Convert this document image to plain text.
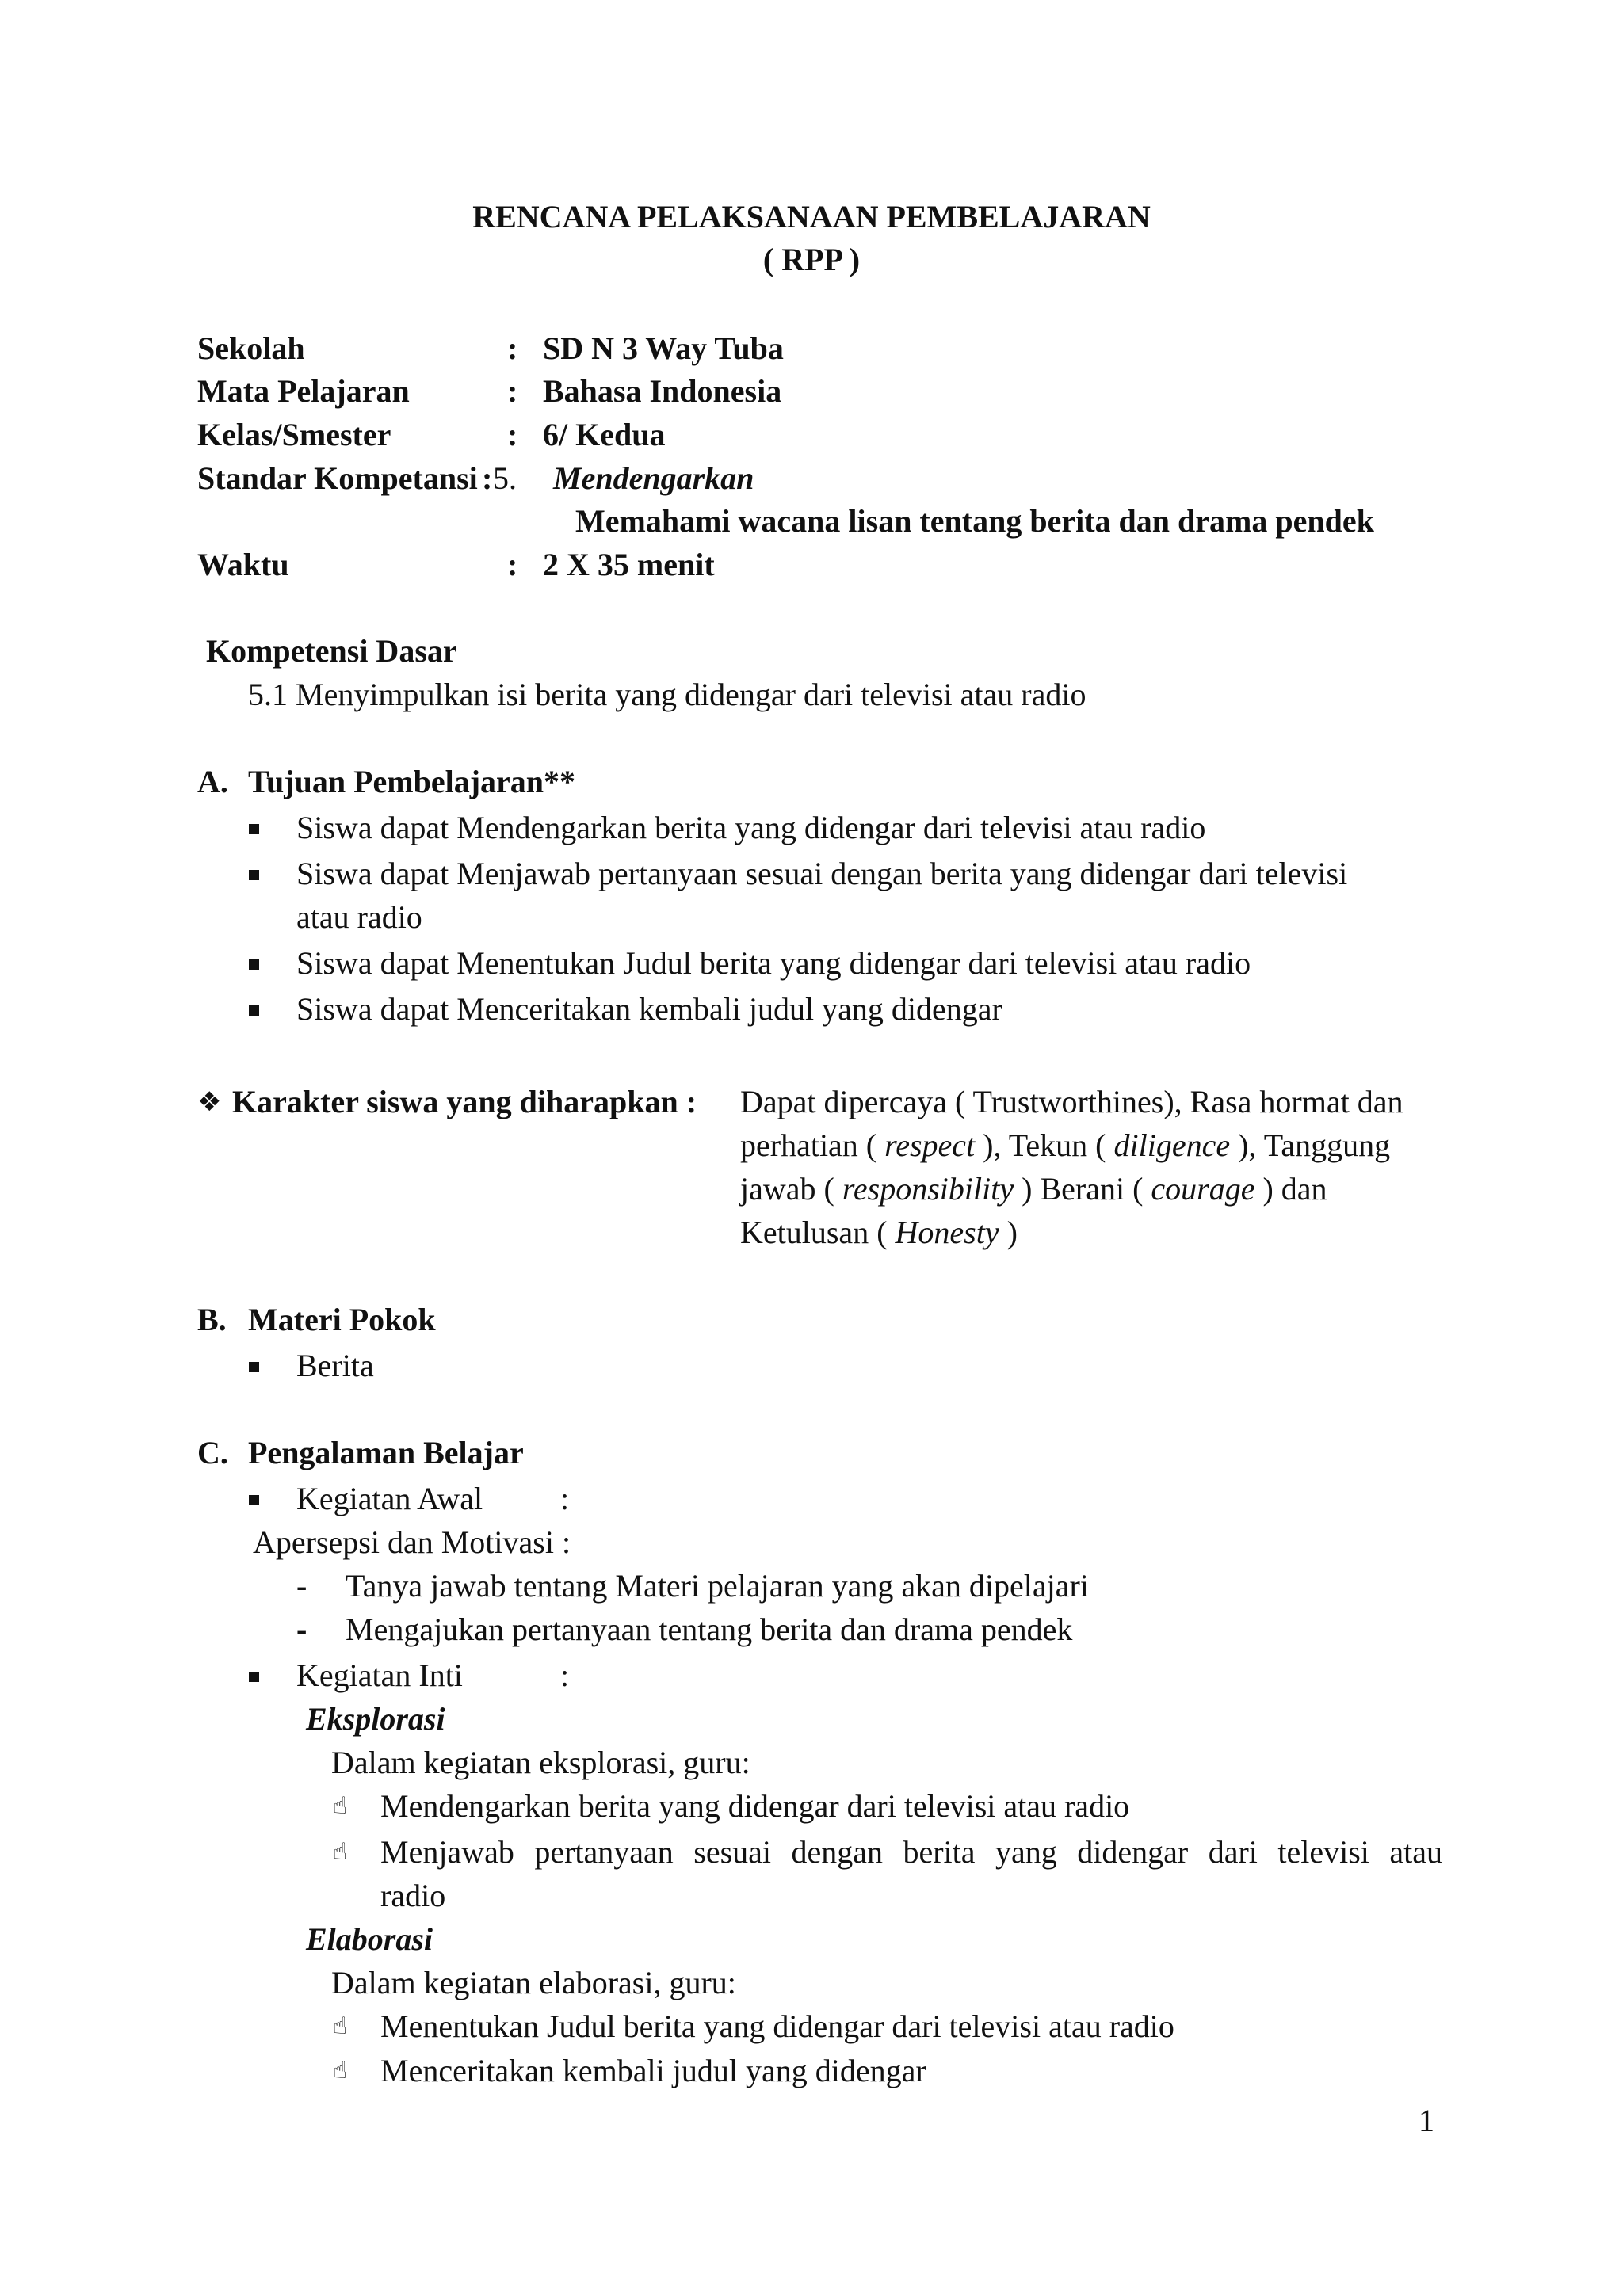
RENCANA PELAKSANAAN PEMBELAJARAN
( RPP )
Sekolah	: SD N 3 Way Tuba
Mata Pelajaran	: Bahasa Indonesia
Kelas/Smester	: 6/ Kedua
Standar Kompetansi : 5. Mendengarkan
Memahami wacana lisan tentang berita dan drama pendek
Waktu	: 2 X 35 menit
Kompetensi Dasar
5.1 Menyimpulkan isi berita yang didengar dari televisi atau radio
A. Tujuan Pembelajaran**
Siswa dapat Mendengarkan berita yang didengar dari televisi atau radio
Siswa dapat Menjawab pertanyaan sesuai dengan berita yang didengar dari televisi
atau radio
Siswa dapat Menentukan Judul berita yang didengar dari televisi atau radio
Siswa dapat Menceritakan kembali judul yang didengar
❖ Karakter siswa yang diharapkan : Dapat dipercaya ( Trustworthines), Rasa hormat dan
perhatian ( respect ), Tekun ( diligence ), Tanggung
jawab ( responsibility ) Berani ( courage ) dan
Ketulusan ( Honesty )
B. Materi Pokok
Berita
C. Pengalaman Belajar
Kegiatan Awal :
Apersepsi dan Motivasi :
- Tanya jawab tentang Materi pelajaran yang akan dipelajari
- Mengajukan pertanyaan tentang berita dan drama pendek
Kegiatan Inti	:
Eksplorasi
Dalam kegiatan eksplorasi, guru:
☝ Mendengarkan berita yang didengar dari televisi atau radio
☝ Menjawab pertanyaan sesuai dengan berita yang didengar dari televisi atau
radio
Elaborasi
Dalam kegiatan elaborasi, guru:
☝ Menentukan Judul berita yang didengar dari televisi atau radio
☝ Menceritakan kembali judul yang didengar
1
